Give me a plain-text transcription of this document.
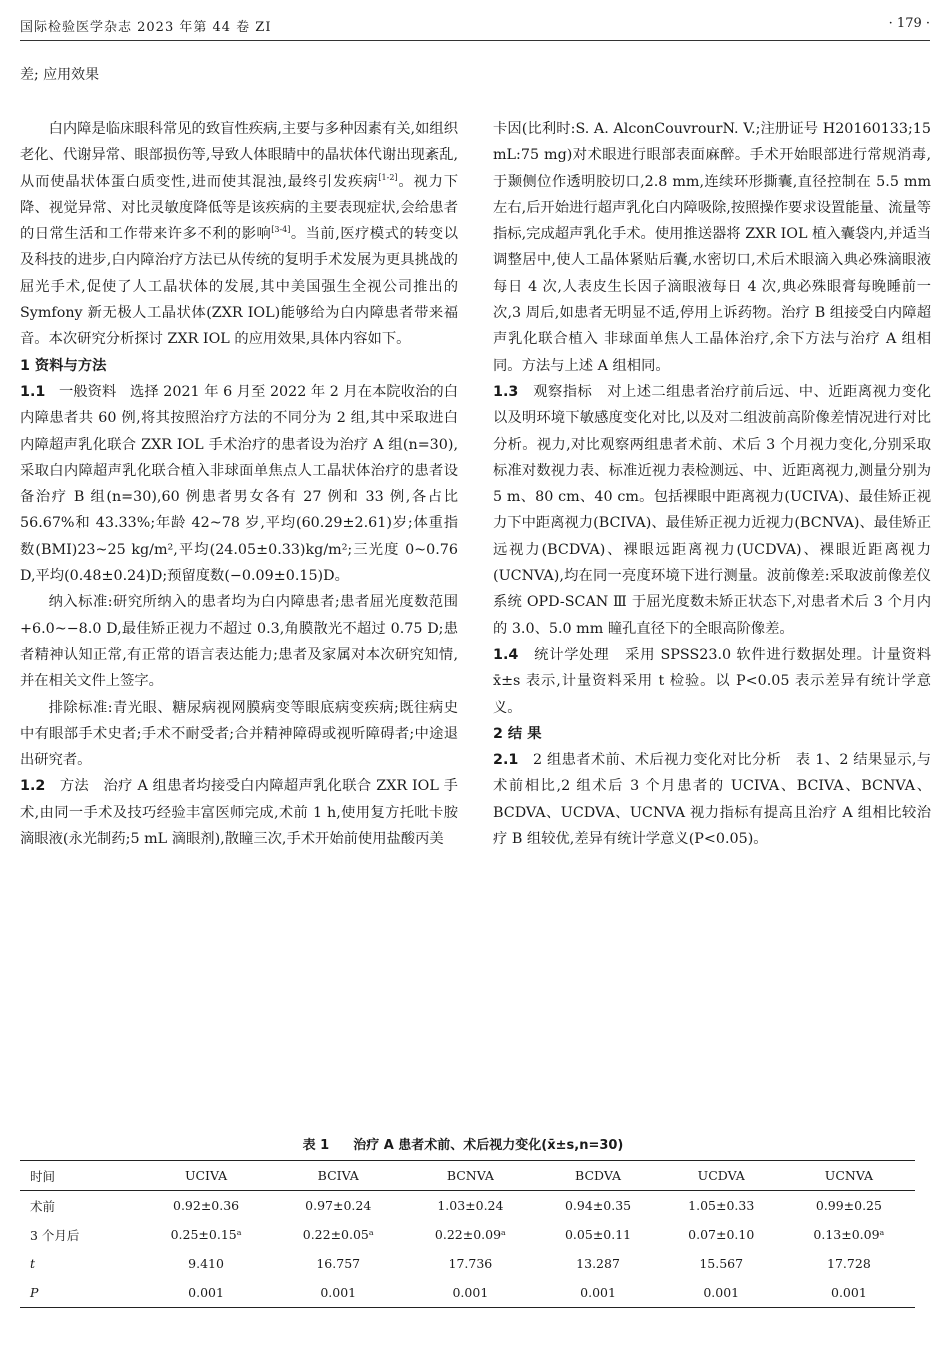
国际检验医学杂志 2023 年第 44 卷 ZⅠ	· 179 ·
差; 应用效果

白内障是临床眼科常见的致盲性疾病,主要与多种因素有关,如组织老化、代谢异常、眼部损伤等,导致人体眼睛中的晶状体代谢出现紊乱,从而使晶状体蛋白质变性,进而使其混浊,最终引发疾病[1-2]。视力下降、视觉异常、对比灵敏度降低等是该疾病的主要表现症状,会给患者的日常生活和工作带来许多不利的影响[3-4]。当前,医疗模式的转变以及科技的进步,白内障治疗方法已从传统的复明手术发展为更具挑战的屈光手术,促使了人工晶状体的发展,其中美国强生全视公司推出的 Symfony 新无极人工晶状体(ZXR IOL)能够给为白内障患者带来福音。本次研究分析探讨 ZXR IOL 的应用效果,具体内容如下。

1 资料与方法

1.1 一般资料 选择 2021 年 6 月至 2022 年 2 月在本院收治的白内障患者共 60 例,将其按照治疗方法的不同分为 2 组,其中采取进白内障超声乳化联合 ZXR IOL 手术治疗的患者设为治疗 A 组(n=30),采取白内障超声乳化联合植入非球面单焦点人工晶状体治疗的患者设备治疗 B 组(n=30),60 例患者男女各有 27 例和 33 例,各占比 56.67%和 43.33%;年龄 42~78 岁,平均(60.29±2.61)岁;体重指数(BMI)23~25 kg/m²,平均(24.05±0.33)kg/m²;三光度 0~0.76 D,平均(0.48±0.24)D;预留度数(−0.09±0.15)D。

纳入标准:研究所纳入的患者均为白内障患者;患者屈光度数范围+6.0~−8.0 D,最佳矫正视力不超过 0.3,角膜散光不超过 0.75 D;患者精神认知正常,有正常的语言表达能力;患者及家属对本次研究知情,并在相关文件上签字。

排除标准:青光眼、糖尿病视网膜病变等眼底病变疾病;既往病史中有眼部手术史者;手术不耐受者;合并精神障碍或视听障碍者;中途退出研究者。

1.2 方法 治疗 A 组患者均接受白内障超声乳化联合 ZXR IOL 手术,由同一手术及技巧经验丰富医师完成,术前 1 h,使用复方托吡卡胺滴眼液(永光制药;5 mL 滴眼剂),散瞳三次,手术开始前使用盐酸丙美

卡因(比利时:S. A. AlconCouvrourN. V.;注册证号 H20160133;15 mL:75 mg)对术眼进行眼部表面麻醉。手术开始眼部进行常规消毒,于颞侧位作透明胶切口,2.8 mm,连续环形撕囊,直径控制在 5.5 mm 左右,后开始进行超声乳化白内障吸除,按照操作要求设置能量、流量等指标,完成超声乳化手术。使用推送器将 ZXR IOL 植入囊袋内,并适当调整居中,使人工晶体紧贴后囊,水密切口,术后术眼滴入典必殊滴眼液每日 4 次,人表皮生长因子滴眼液每日 4 次,典必殊眼膏每晚睡前一次,3 周后,如患者无明显不适,停用上诉药物。治疗 B 组接受白内障超声乳化联合植入 非球面单焦人工晶体治疗,余下方法与治疗 A 组相同。方法与上述 A 组相同。

1.3 观察指标 对上述二组患者治疗前后远、中、近距离视力变化以及明环境下敏感度变化对比,以及对二组波前高阶像差情况进行对比分析。视力,对比观察两组患者术前、术后 3 个月视力变化,分别采取标准对数视力表、标准近视力表检测远、中、近距离视力,测量分别为 5 m、80 cm、40 cm。包括裸眼中距离视力(UCIVA)、最佳矫正视力下中距离视力(BCIVA)、最佳矫正视力近视力(BCNVA)、最佳矫正远视力(BCDVA)、裸眼远距离视力(UCDVA)、裸眼近距离视力(UCNVA),均在同一亮度环境下进行测量。波前像差:采取波前像差仪系统 OPD-SCAN Ⅲ 于屈光度数未矫正状态下,对患者术后 3 个月内的 3.0、5.0 mm 瞳孔直径下的全眼高阶像差。

1.4 统计学处理 采用 SPSS23.0 软件进行数据处理。计量资料 x̄±s 表示,计量资料采用 t 检验。以 P<0.05 表示差异有统计学意义。

2 结 果

2.1 2 组患者术前、术后视力变化对比分析 表 1、2 结果显示,与术前相比,2 组术后 3 个月患者的 UCIVA、BCIVA、BCNVA、BCDVA、UCDVA、UCNVA 视力指标有提高且治疗 A 组相比较治疗 B 组较优,差异有统计学意义(P<0.05)。

表 1 治疗 A 患者术前、术后视力变化(x̄±s,n=30)
时间	UCIVA	BCIVA	BCNVA	BCDVA	UCDVA	UCNVA
术前	0.92±0.36	0.97±0.24	1.03±0.24	0.94±0.35	1.05±0.33	0.99±0.25
3 个月后	0.25±0.15ᵃ	0.22±0.05ᵃ	0.22±0.09ᵃ	0.05±0.11	0.07±0.10	0.13±0.09ᵃ
t	9.410	16.757	17.736	13.287	15.567	17.728
P	0.001	0.001	0.001	0.001	0.001	0.001
